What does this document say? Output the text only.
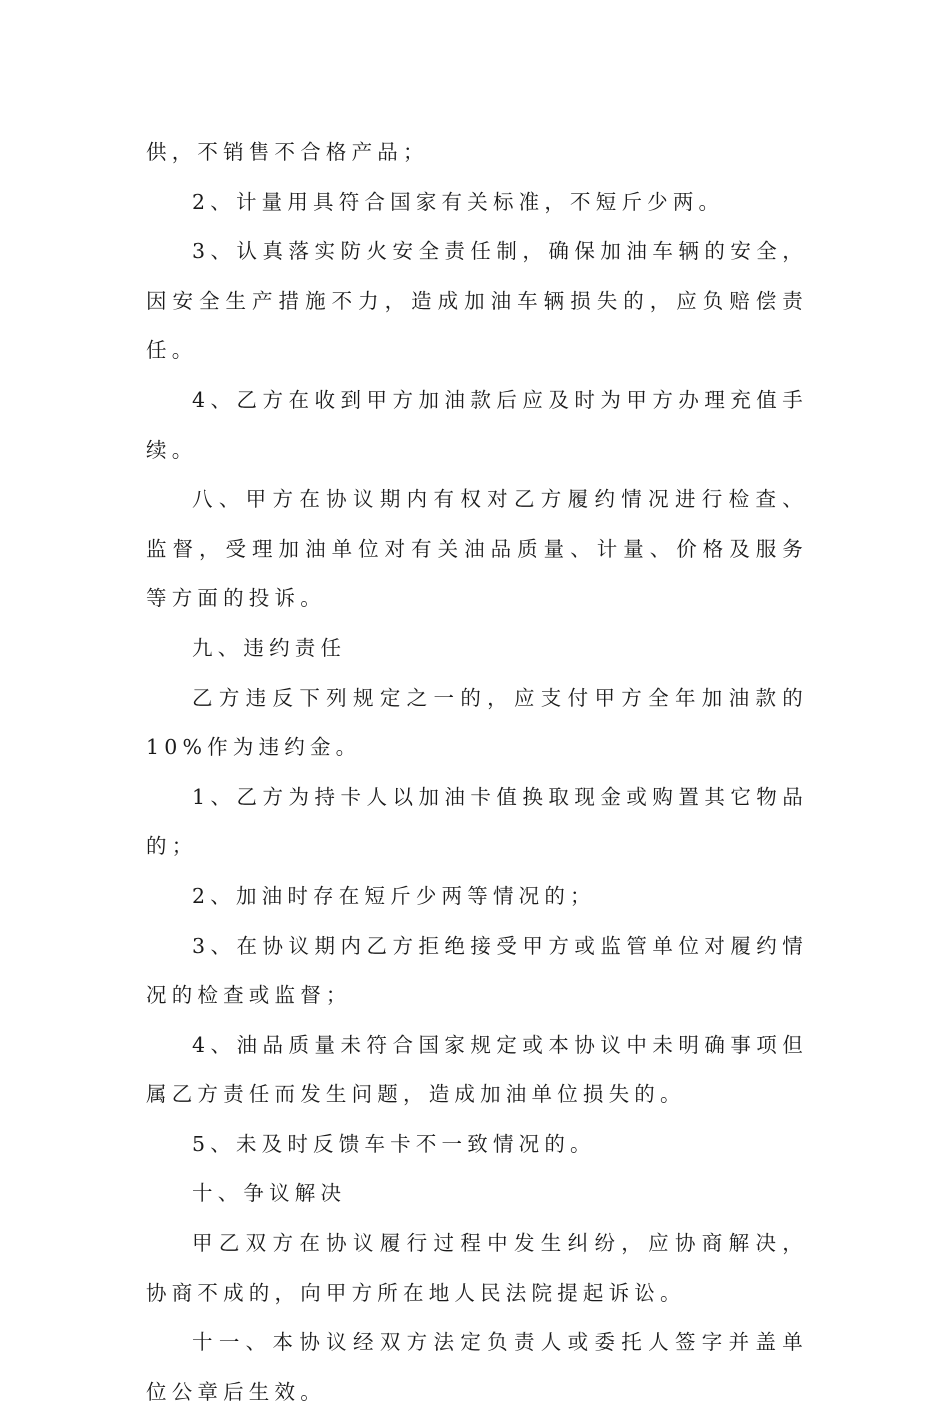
供，不销售不合格产品；

2、计量用具符合国家有关标准，不短斤少两。

3、认真落实防火安全责任制，确保加油车辆的安全，因安全生产措施不力，造成加油车辆损失的，应负赔偿责任。

4、乙方在收到甲方加油款后应及时为甲方办理充值手续。

八、甲方在协议期内有权对乙方履约情况进行检查、监督，受理加油单位对有关油品质量、计量、价格及服务等方面的投诉。

九、违约责任

乙方违反下列规定之一的，应支付甲方全年加油款的 10%作为违约金。

1、乙方为持卡人以加油卡值换取现金或购置其它物品的；

2、加油时存在短斤少两等情况的；

3、在协议期内乙方拒绝接受甲方或监管单位对履约情况的检查或监督；

4、油品质量未符合国家规定或本协议中未明确事项但属乙方责任而发生问题，造成加油单位损失的。

5、未及时反馈车卡不一致情况的。

十、争议解决

甲乙双方在协议履行过程中发生纠纷，应协商解决，协商不成的，向甲方所在地人民法院提起诉讼。

十一、本协议经双方法定负责人或委托人签字并盖单位公章后生效。
